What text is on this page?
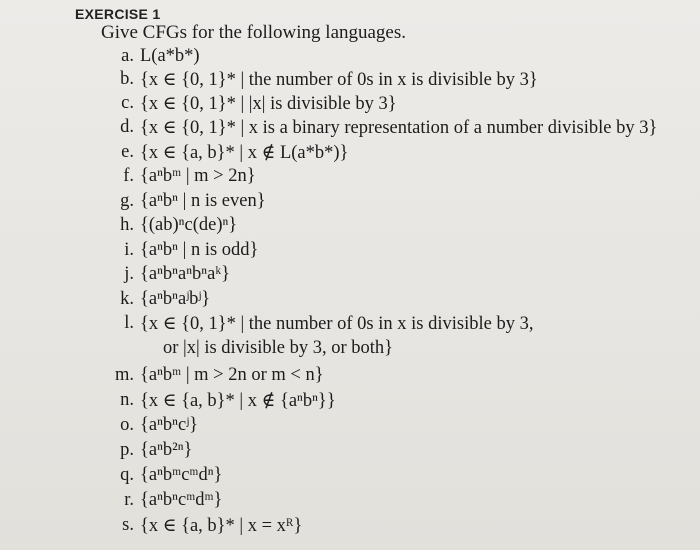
EXERCISE 1
Give CFGs for the following languages.
a. L(a*b*)
b. {x ∈ {0, 1}* | the number of 0s in x is divisible by 3}
c. {x ∈ {0, 1}* | |x| is divisible by 3}
d. {x ∈ {0, 1}* | x is a binary representation of a number divisible by 3}
e. {x ∈ {a, b}* | x ∉ L(a*b*)}
f. {aⁿbᵐ | m > 2n}
g. {aⁿbⁿ | n is even}
h. {(ab)ⁿc(de)ⁿ}
i. {aⁿbⁿ | n is odd}
j. {aⁿbⁿaⁿbⁿaᵏ}
k. {aⁿbⁿaʲbʲ}
l. {x ∈ {0, 1}* | the number of 0s in x is divisible by 3,
or |x| is divisible by 3, or both}
m. {aⁿbᵐ | m > 2n or m < n}
n. {x ∈ {a, b}* | x ∉ {aⁿbⁿ}}
o. {aⁿbⁿcʲ}
p. {aⁿb²ⁿ}
q. {aⁿbᵐcᵐdⁿ}
r. {aⁿbⁿcᵐdᵐ}
s. {x ∈ {a, b}* | x = xᴿ}
